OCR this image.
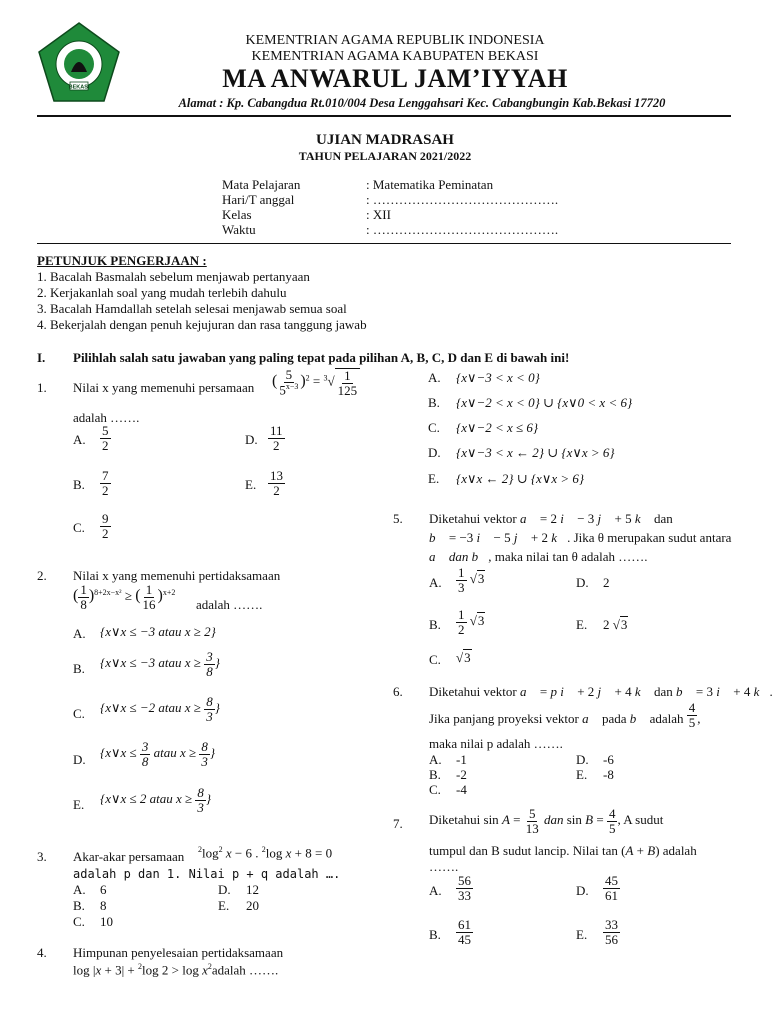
BEKASI
KEMENTRIAN AGAMA REPUBLIK INDONESIA
KEMENTRIAN AGAMA KABUPATEN BEKASI
MA ANWARUL JAM’IYYAH
Alamat : Kp. Cabangdua Rt.010/004 Desa Lenggahsari Kec. Cabangbungin Kab.Bekasi 17720
UJIAN MADRASAH
TAHUN PELAJARAN 2021/2022
Mata Pelajaran	: Matematika Peminatan
Hari/T anggal	: …………………………………….
Kelas	: XII
Waktu	: …………………………………….
PETUNJUK PENGERJAAN :
1. Bacalah Basmalah sebelum menjawab pertanyaan
2. Kerjakanlah soal yang mudah terlebih dahulu
3. Bacalah Hamdallah setelah selesai menjawab semua soal
4. Bekerjalah dengan penuh kejujuran dan rasa tanggung jawab
I. Pilihlah salah satu jawaban yang paling tepat pada pilihan A, B, C, D dan E di bawah ini!
1. Nilai x yang memenuhi persamaan ( $\frac{5}{5^{x-3}} )^2 = ^3√ \frac{1}{125}$
adalah …….
A. $\frac{5}{2}$	D. $\frac{11}{2}$
B. $\frac{7}{2}$	E. $\frac{13}{2}$
C. $\frac{9}{2}$
2. Nilai x yang memenuhi pertidaksamaan
( $\frac{1}{8} )^{8+2x-x^2}$ ≥ ( $\frac{1}{16} )^{x+2}$
adalah …….
A. {x∨x ≤ −3 atau x ≥ 2}
B. {x∨x ≤ −3 atau $x \ge \frac{3}{8}$ }
C. {x∨x ≤ −2 atau $x \ge \frac{8}{3}$ }
D. {x∨x ≤ $\frac{3}{8}$ atau $x \ge \frac{8}{3}$ }
E. {x∨x ≤ 2 atau $x \ge \frac{8}{3}$ }
3. Akar-akar persamaan $^2\log^2$ x − 6 . $^2$log x + 8 = 0
adalah p dan 1. Nilai p + q adalah ….
A. 6	D. 12
B. 8	E. 20
C. 10
4. Himpunan penyelesaian pertidaksamaan
log |x + 3| + $^2$log $2 > \log x^2adalah$ …….
A. {x∨−3 < x < 0}
B. {x∨−2 < x < 0} ∪ {x∨0 < x < 6}
C. {x∨−2 < x ≤ 6}
D. {x∨−3 < x ← 2} ∪ {x∨x > 6}
E. {x∨x ← 2} ∪ {x∨x > 6}
5. Diketahui vektor a⃗ = 2 i⃗ − 3 j⃗ + 5 k⃗ dan
b⃗ = −3 i⃗ − 5 j⃗ + 2 k⃗. Jika θ merupakan sudut antara
a⃗ dan b⃗, maka nilai tan θ adalah …….
A. $\frac{1}{3} √3$	D. 2
B. $\frac{1}{2} √3$	E. 2 √3
C. √3
6. Diketahui vektor a⃗ = p i⃗ + 2 j⃗ + 4 k⃗ dan b⃗ = 3 i⃗ + 4 k⃗.
Jika panjang proyeksi vektor a⃗ pada b⃗ adalah $\frac{4}{5}$ ,
maka nilai p adalah …….
A. -1	D. -6
B. -2	E. -8
C. -4
7. Diketahui $\sin A = \frac{5}{13}$ dan $\sin B = \frac{4}{5}$ , A sudut
tumpul dan B sudut lancip. Nilai tan (A + B) adalah
…….
A. $\frac{56}{33}$	D. $\frac{45}{61}$
B. $\frac{61}{45}$	E. $\frac{33}{56}$
